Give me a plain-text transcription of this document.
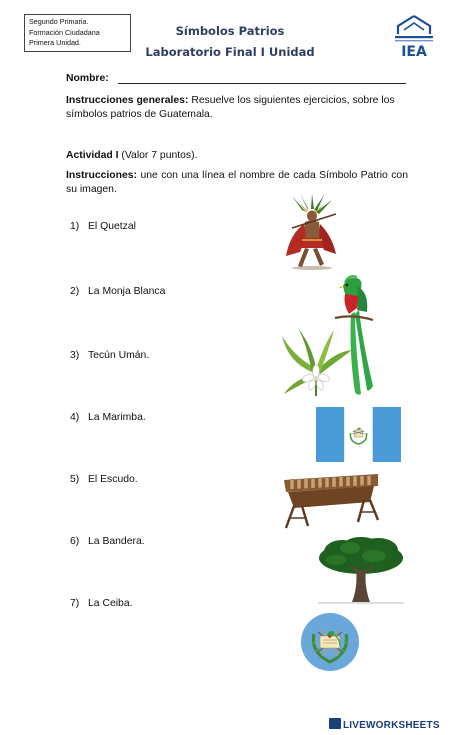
Segundo Primaria.
Formación Ciudadana
Primera Unidad.
Símbolos Patrios
Laboratorio Final I Unidad	IEA
Nombre:
Instrucciones generales: Resuelve los siguientes ejercicios, sobre los símbolos patrios de Guatemala.
Actividad I (Valor 7 puntos).
Instrucciones: une con una línea el nombre de cada Símbolo Patrio con su imagen.
1) El Quetzal
2) La Monja Blanca
3) Tecún Umán.
4) La Marimba.
5) El Escudo.
6) La Bandera.
7) La Ceiba.
LIVEWORKSHEETS
